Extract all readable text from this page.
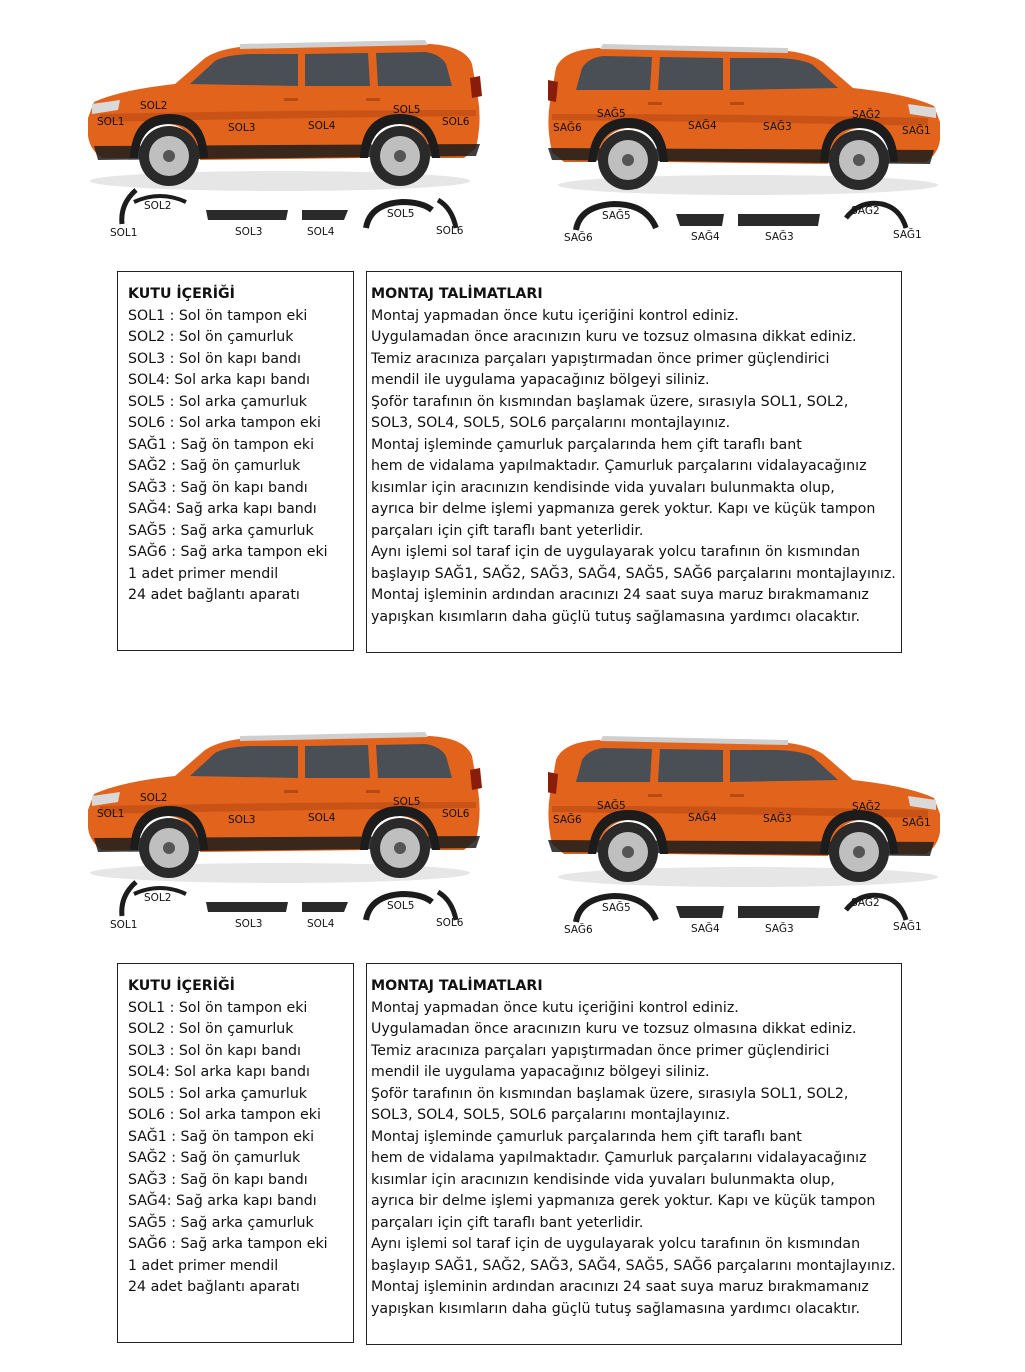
SOL1
SOL2
SOL3	SOL4
SOL5
SOL6	SAĞ6
SAĞ5
SAĞ4	SAĞ3
SAĞ2
SAĞ1
SOL1
SOL2
SOL3	SOL4
SOL5
SOL6
SAĞ5
SAĞ6	SAĞ4	SAĞ3
SAĞ2
SAĞ1
KUTU İÇERİĞİ
SOL1 : Sol ön tampon eki
SOL2 : Sol ön çamurluk
SOL3 : Sol ön kapı bandı
SOL4: Sol arka kapı bandı
SOL5 : Sol arka çamurluk
SOL6 : Sol arka tampon eki
SAĞ1 : Sağ ön tampon eki
SAĞ2 : Sağ ön çamurluk
SAĞ3 : Sağ ön kapı bandı
SAĞ4: Sağ arka kapı bandı
SAĞ5 : Sağ arka çamurluk
SAĞ6 : Sağ arka tampon eki
1 adet primer mendil
24 adet bağlantı aparatı
MONTAJ TALİMATLARI
Montaj yapmadan önce kutu içeriğini kontrol ediniz.
Uygulamadan önce aracınızın kuru ve tozsuz olmasına dikkat ediniz.
Temiz aracınıza parçaları yapıştırmadan önce primer güçlendirici
mendil ile uygulama yapacağınız bölgeyi siliniz.
Şoför tarafının ön kısmından başlamak üzere, sırasıyla SOL1, SOL2,
SOL3, SOL4, SOL5, SOL6 parçalarını montajlayınız.
Montaj işleminde çamurluk parçalarında hem çift taraflı bant
hem de vidalama yapılmaktadır. Çamurluk parçalarını vidalayacağınız
kısımlar için aracınızın kendisinde vida yuvaları bulunmakta olup,
ayrıca bir delme işlemi yapmanıza gerek yoktur. Kapı ve küçük tampon
parçaları için çift taraflı bant yeterlidir.
Aynı işlemi sol taraf için de uygulayarak yolcu tarafının ön kısmından
başlayıp SAĞ1, SAĞ2, SAĞ3, SAĞ4, SAĞ5, SAĞ6 parçalarını montajlayınız.
Montaj işleminin ardından aracınızı 24 saat suya maruz bırakmamanız
yapışkan kısımların daha güçlü tutuş sağlamasına yardımcı olacaktır.
SOL1
SOL2
SOL3	SOL4
SOL5
SOL6	SAĞ6
SAĞ5
SAĞ4	SAĞ3
SAĞ2
SAĞ1
SOL1
SOL2
SOL3	SOL4
SOL5
SOL6
SAĞ5
SAĞ6	SAĞ4	SAĞ3
SAĞ2
SAĞ1
KUTU İÇERİĞİ
SOL1 : Sol ön tampon eki
SOL2 : Sol ön çamurluk
SOL3 : Sol ön kapı bandı
SOL4: Sol arka kapı bandı
SOL5 : Sol arka çamurluk
SOL6 : Sol arka tampon eki
SAĞ1 : Sağ ön tampon eki
SAĞ2 : Sağ ön çamurluk
SAĞ3 : Sağ ön kapı bandı
SAĞ4: Sağ arka kapı bandı
SAĞ5 : Sağ arka çamurluk
SAĞ6 : Sağ arka tampon eki
1 adet primer mendil
24 adet bağlantı aparatı
MONTAJ TALİMATLARI
Montaj yapmadan önce kutu içeriğini kontrol ediniz.
Uygulamadan önce aracınızın kuru ve tozsuz olmasına dikkat ediniz.
Temiz aracınıza parçaları yapıştırmadan önce primer güçlendirici
mendil ile uygulama yapacağınız bölgeyi siliniz.
Şoför tarafının ön kısmından başlamak üzere, sırasıyla SOL1, SOL2,
SOL3, SOL4, SOL5, SOL6 parçalarını montajlayınız.
Montaj işleminde çamurluk parçalarında hem çift taraflı bant
hem de vidalama yapılmaktadır. Çamurluk parçalarını vidalayacağınız
kısımlar için aracınızın kendisinde vida yuvaları bulunmakta olup,
ayrıca bir delme işlemi yapmanıza gerek yoktur. Kapı ve küçük tampon
parçaları için çift taraflı bant yeterlidir.
Aynı işlemi sol taraf için de uygulayarak yolcu tarafının ön kısmından
başlayıp SAĞ1, SAĞ2, SAĞ3, SAĞ4, SAĞ5, SAĞ6 parçalarını montajlayınız.
Montaj işleminin ardından aracınızı 24 saat suya maruz bırakmamanız
yapışkan kısımların daha güçlü tutuş sağlamasına yardımcı olacaktır.
